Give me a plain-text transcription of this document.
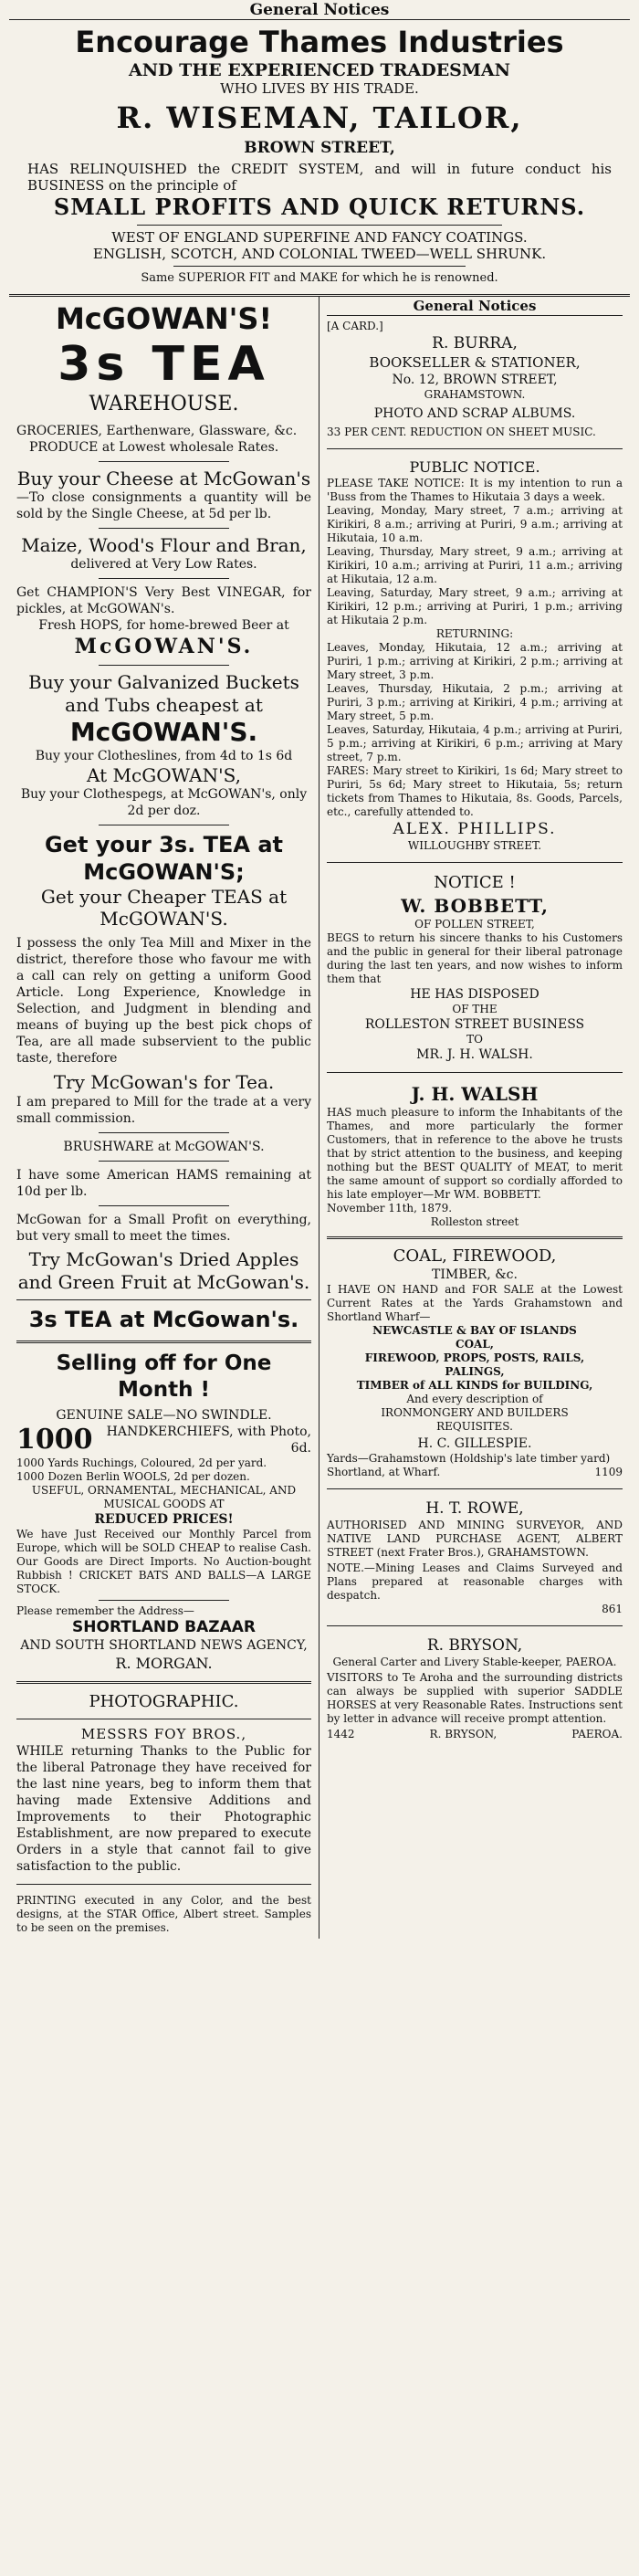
General Notices
Encourage Thames Industries
AND THE EXPERIENCED TRADESMAN
WHO LIVES BY HIS TRADE.
R. WISEMAN, TAILOR,
BROWN STREET,
HAS RELINQUISHED the CREDIT SYSTEM, and will in future conduct his BUSINESS on the principle of
SMALL PROFITS AND QUICK RETURNS.
WEST OF ENGLAND SUPERFINE AND FANCY COATINGS.
ENGLISH, SCOTCH, AND COLONIAL TWEED—WELL SHRUNK.
Same SUPERIOR FIT and MAKE for which he is renowned.
McGOWAN'S!
3s TEA
WAREHOUSE.
GROCERIES, Earthenware, Glassware, &c.
PRODUCE at Lowest wholesale Rates.
Buy your Cheese at McGowan's
—To close consignments a quantity will be sold by the Single Cheese, at 5d per lb.
Maize, Wood's Flour and Bran,
delivered at Very Low Rates.
Get CHAMPION'S Very Best VINEGAR, for pickles, at McGOWAN's.
Fresh HOPS, for home-brewed Beer at
McGOWAN'S.
Buy your Galvanized Buckets and Tubs cheapest at
McGOWAN'S.
Buy your Clotheslines, from 4d to 1s 6d
At McGOWAN'S,
Buy your Clothespegs, at McGOWAN's, only 2d per doz.
Get your 3s. TEA at McGOWAN'S;
Get your Cheaper TEAS at McGOWAN'S.
I possess the only Tea Mill and Mixer in the district, therefore those who favour me with a call can rely on getting a uniform Good Article. Long Experience, Knowledge in Selection, and Judgment in blending and means of buying up the best pick chops of Tea, are all made subservient to the public taste, therefore
Try McGowan's for Tea.
I am prepared to Mill for the trade at a very small commission.
BRUSHWARE at McGOWAN'S.
I have some American HAMS remaining at 10d per lb.
McGowan for a Small Profit on everything, but very small to meet the times.
Try McGowan's Dried Apples and Green Fruit at McGowan's.
3s TEA at McGowan's.
Selling off for One Month !
GENUINE SALE—NO SWINDLE.
1000	HANDKERCHIEFS, with Photo, 6d.
1000 Yards Ruchings, Coloured, 2d per yard.
1000 Dozen Berlin WOOLS, 2d per dozen.
USEFUL, ORNAMENTAL, MECHANICAL, AND MUSICAL GOODS AT
REDUCED PRICES!
We have Just Received our Monthly Parcel from Europe, which will be SOLD CHEAP to realise Cash. Our Goods are Direct Imports. No Auction-bought Rubbish ! CRICKET BATS AND BALLS—A LARGE STOCK.
Please remember the Address—
SHORTLAND BAZAAR
AND SOUTH SHORTLAND NEWS AGENCY,
R. MORGAN.
PHOTOGRAPHIC.
MESSRS FOY BROS.,
WHILE returning Thanks to the Public for the liberal Patronage they have received for the last nine years, beg to inform them that having made Extensive Additions and Improvements to their Photographic Establishment, are now prepared to execute Orders in a style that cannot fail to give satisfaction to the public.
PRINTING executed in any Color, and the best designs, at the STAR Office, Albert street. Samples to be seen on the premises.
General Notices
[A CARD.]
R. BURRA,
BOOKSELLER & STATIONER,
No. 12, BROWN STREET,
GRAHAMSTOWN.
PHOTO AND SCRAP ALBUMS.
33 PER CENT. REDUCTION ON SHEET MUSIC.
PUBLIC NOTICE.
PLEASE TAKE NOTICE: It is my intention to run a 'Buss from the Thames to Hikutaia 3 days a week.
Leaving, Monday, Mary street, 7 a.m.; arriving at Kirikiri, 8 a.m.; arriving at Puriri, 9 a.m.; arriving at Hikutaia, 10 a.m.
Leaving, Thursday, Mary street, 9 a.m.; arriving at Kirikiri, 10 a.m.; arriving at Puriri, 11 a.m.; arriving at Hikutaia, 12 a.m.
Leaving, Saturday, Mary street, 9 a.m.; arriving at Kirikiri, 12 p.m.; arriving at Puriri, 1 p.m.; arriving at Hikutaia 2 p.m.
RETURNING:
Leaves, Monday, Hikutaia, 12 a.m.; arriving at Puriri, 1 p.m.; arriving at Kirikiri, 2 p.m.; arriving at Mary street, 3 p.m.
Leaves, Thursday, Hikutaia, 2 p.m.; arriving at Puriri, 3 p.m.; arriving at Kirikiri, 4 p.m.; arriving at Mary street, 5 p.m.
Leaves, Saturday, Hikutaia, 4 p.m.; arriving at Puriri, 5 p.m.; arriving at Kirikiri, 6 p.m.; arriving at Mary street, 7 p.m.
FARES: Mary street to Kirikiri, 1s 6d; Mary street to Puriri, 5s 6d; Mary street to Hikutaia, 5s; return tickets from Thames to Hikutaia, 8s. Goods, Parcels, etc., carefully attended to.
ALEX. PHILLIPS.
WILLOUGHBY STREET.
NOTICE !
W. BOBBETT,
OF POLLEN STREET,
BEGS to return his sincere thanks to his Customers and the public in general for their liberal patronage during the last ten years, and now wishes to inform them that
HE HAS DISPOSED
OF THE
ROLLESTON STREET BUSINESS
TO
MR. J. H. WALSH.
J. H. WALSH
HAS much pleasure to inform the Inhabitants of the Thames, and more particularly the former Customers, that in reference to the above he trusts that by strict attention to the business, and keeping nothing but the BEST QUALITY of MEAT, to merit the same amount of support so cordially afforded to his late employer—Mr WM. BOBBETT.
November 11th, 1879.
Rolleston street
COAL, FIREWOOD,
TIMBER, &c.
I HAVE ON HAND and FOR SALE at the Lowest Current Rates at the Yards Grahamstown and Shortland Wharf—
NEWCASTLE & BAY OF ISLANDS
COAL,
FIREWOOD, PROPS, POSTS, RAILS,
PALINGS,
TIMBER of ALL KINDS for BUILDING,
And every description of
IRONMONGERY AND BUILDERS
REQUISITES.
H. C. GILLESPIE.
Yards—Grahamstown (Holdship's late timber yard)
Shortland, at Wharf.	1109
H. T. ROWE,
AUTHORISED AND MINING SURVEYOR, AND NATIVE LAND PURCHASE AGENT, ALBERT STREET (next Frater Bros.), GRAHAMSTOWN.
NOTE.—Mining Leases and Claims Surveyed and Plans prepared at reasonable charges with despatch.
861
R. BRYSON,
General Carter and Livery Stable-keeper, PAEROA.
VISITORS to Te Aroha and the surrounding districts can always be supplied with superior SADDLE HORSES at very Reasonable Rates. Instructions sent by letter in advance will receive prompt attention.
1442	R. BRYSON,	PAEROA.
